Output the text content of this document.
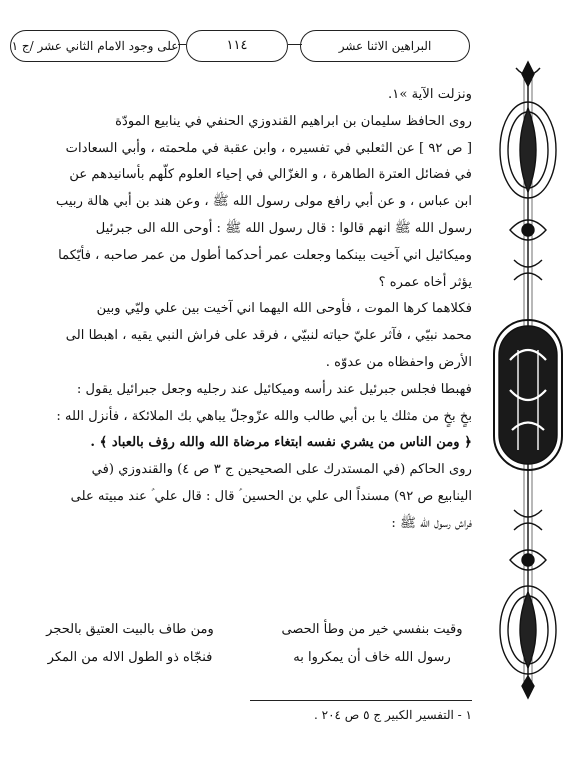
على وجود الامام الثاني عشر /ج ١	١١٤	البراهين الاثنا عشر

ونزلت الآية »١.

روى الحافظ سليمان بن ابراهيم القندوزي الحنفي في ينابيع المودّة

[ ص ٩٢ ] عن الثعلبي في تفسيره ، وابن عقبة في ملحمته ، وأبي السعادات

في فضائل العترة الطاهرة ، و الغزّالي في إحياء العلوم كلّهم بأسانيدهم عن

ابن عباس ، و عن أبي رافع مولى رسول الله ﷺ ، وعن هند بن أبي هالة ربيب

رسول الله ﷺ انهم قالوا : قال رسول الله ﷺ : أوحى الله الى جبرئيل

وميكائيل اني آخيت بينكما وجعلت عمر أحدكما أطول من عمر صاحبه ، فأيّكما

يؤثر أخاه عمره ؟

فكلاهما كرها الموت ، فأوحى الله اليهما اني آخيت بين علي وليّي وبين

محمد نبيّي ، فآثر عليّ حياته لنبيّي ، فرقد على فراش النبي يقيه ، اهبطا الى

الأرض واحفظاه من عدوّه .

فهبطا فجلس جبرئيل عند رأسه وميكائيل عند رجليه وجعل جبرائيل يقول :

بخٍ بخٍ من مثلك يا بن أبي طالب والله عزّوجلّ يباهي بك الملائكة ، فأنزل الله :

﴿ ومن الناس من يشري نفسه ابتغاء مرضاة الله والله رؤف بالعباد ﴾ .

روى الحاكم (في المستدرك على الصحيحين ج ٣ ص ٤) والقندوزي (في

الينابيع ص ٩٢) مسنداً الى علي بن الحسين ؑ قال : قال علي ؑ عند مبيته على

فراش رسول الله ﷺ :

وقيت بنفسي خير من وطأ الحصى
ومن طاف بالبيت العتيق بالحجر
رسول الله خاف أن يمكروا به
فنجّاه ذو الطول الاله من المكر
١ - التفسير الكبير ج ٥ ص ٢٠٤ .
